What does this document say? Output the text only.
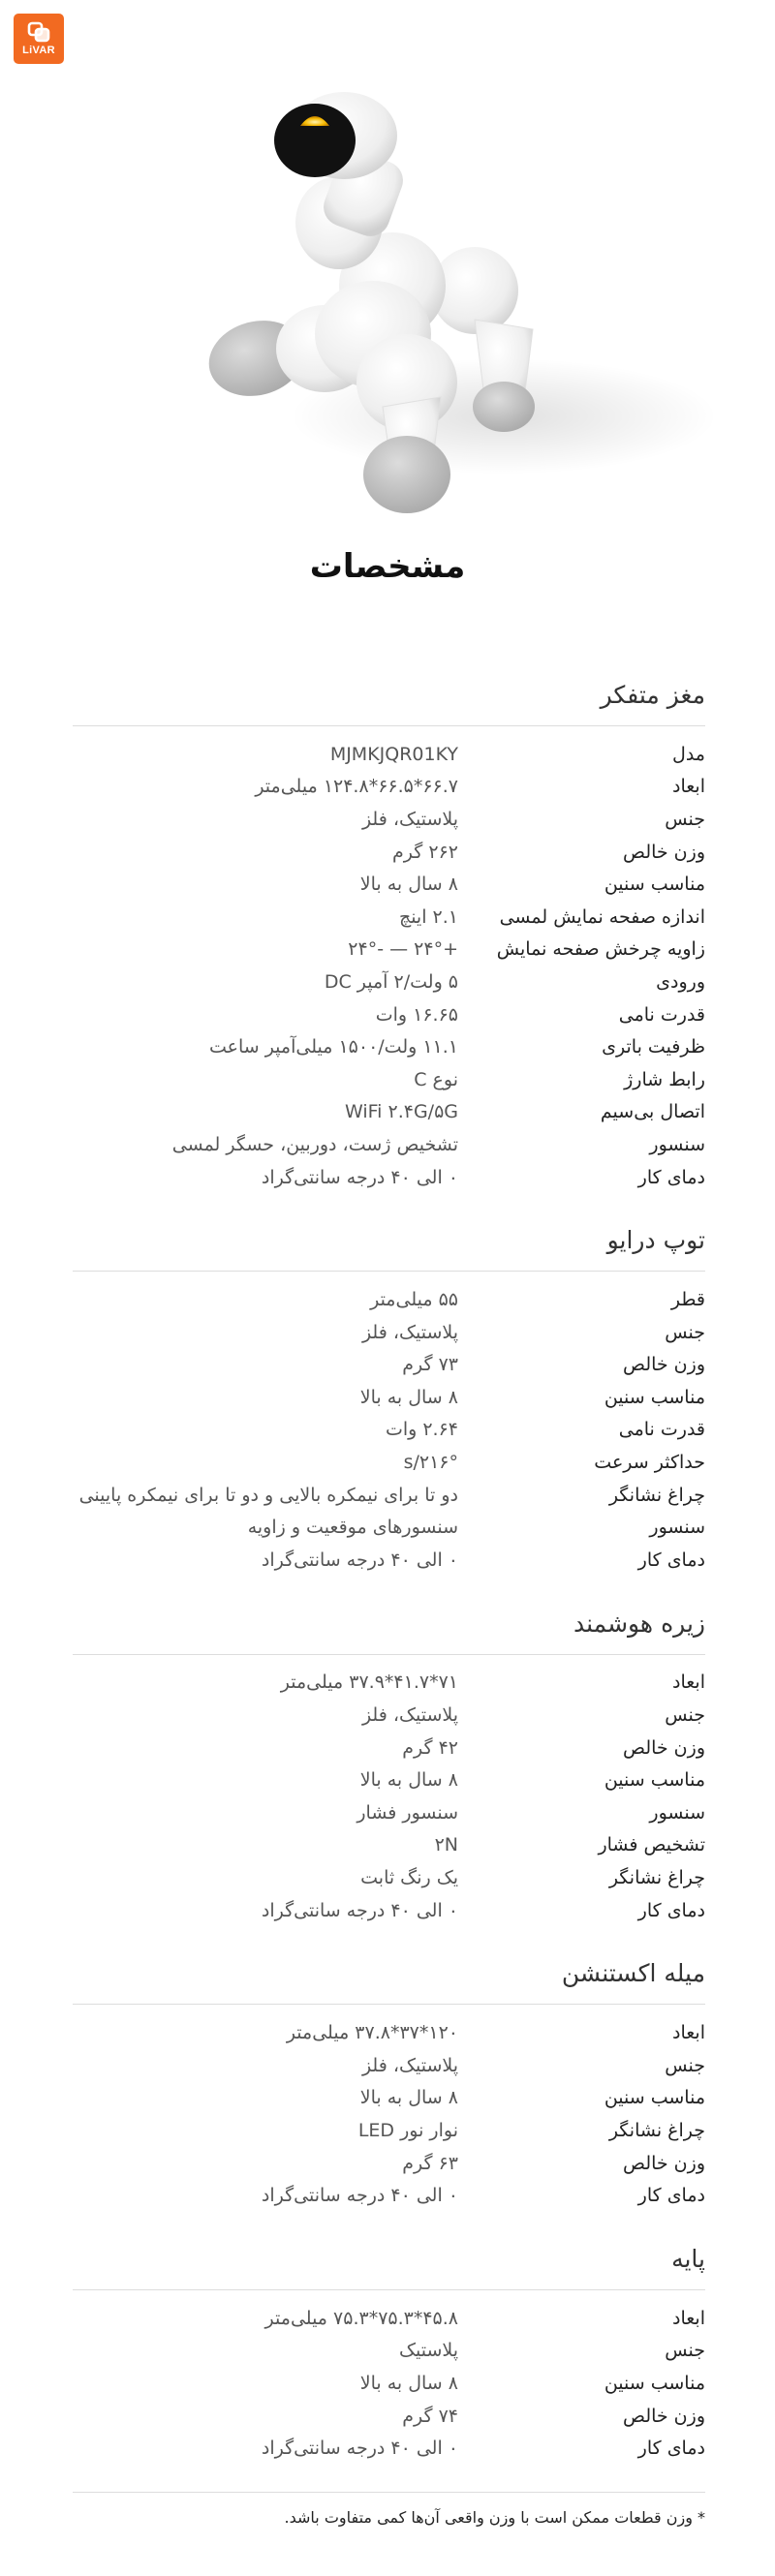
LiVAR
مشخصات
مغز متفکر
مدل
MJMKJQR01KY
ابعاد
۶۶.۷*۶۶.۵*۱۲۴.۸ میلی‌متر
جنس
پلاستیک، فلز
وزن خالص
۲۶۲ گرم
مناسب سنین
۸ سال به بالا
اندازه صفحه نمایش لمسی
۲.۱ اینچ
زاویه چرخش صفحه نمایش
+۲۴° — -۲۴°
ورودی
۵ ولت/۲ آمپر DC
قدرت نامی
۱۶.۶۵ وات
ظرفیت باتری
۱۱.۱ ولت/۱۵۰۰ میلی‌آمپر ساعت
رابط شارژ
نوع C
اتصال بی‌سیم
WiFi ۲.۴G/۵G
سنسور
تشخیص ژست، دوربین، حسگر لمسی
دمای کار
۰ الی ۴۰ درجه سانتی‌گراد
توپ درایو
قطر
۵۵ میلی‌متر
جنس
پلاستیک، فلز
وزن خالص
۷۳ گرم
مناسب سنین
۸ سال به بالا
قدرت نامی
۲.۶۴ وات
حداکثر سرعت
۲۱۶°/s
چراغ نشانگر
دو تا برای نیمکره بالایی و دو تا برای نیمکره پایینی
سنسور
سنسورهای موقعیت و زاویه
دمای کار
۰ الی ۴۰ درجه سانتی‌گراد
زیره هوشمند
ابعاد
۷۱*۴۱.۷*۳۷.۹ میلی‌متر
جنس
پلاستیک، فلز
وزن خالص
۴۲ گرم
مناسب سنین
۸ سال به بالا
سنسور
سنسور فشار
تشخیص فشار
۲N
چراغ نشانگر
یک رنگ ثابت
دمای کار
۰ الی ۴۰ درجه سانتی‌گراد
میله اکستنشن
ابعاد
۱۲۰*۳۷*۳۷.۸ میلی‌متر
جنس
پلاستیک، فلز
مناسب سنین
۸ سال به بالا
چراغ نشانگر
نوار نور LED
وزن خالص
۶۳ گرم
دمای کار
۰ الی ۴۰ درجه سانتی‌گراد
پایه
ابعاد
۴۵.۸*۷۵.۳*۷۵.۳ میلی‌متر
جنس
پلاستیک
مناسب سنین
۸ سال به بالا
وزن خالص
۷۴ گرم
دمای کار
۰ الی ۴۰ درجه سانتی‌گراد
* وزن قطعات ممکن است با وزن واقعی آن‌ها کمی متفاوت باشد.
